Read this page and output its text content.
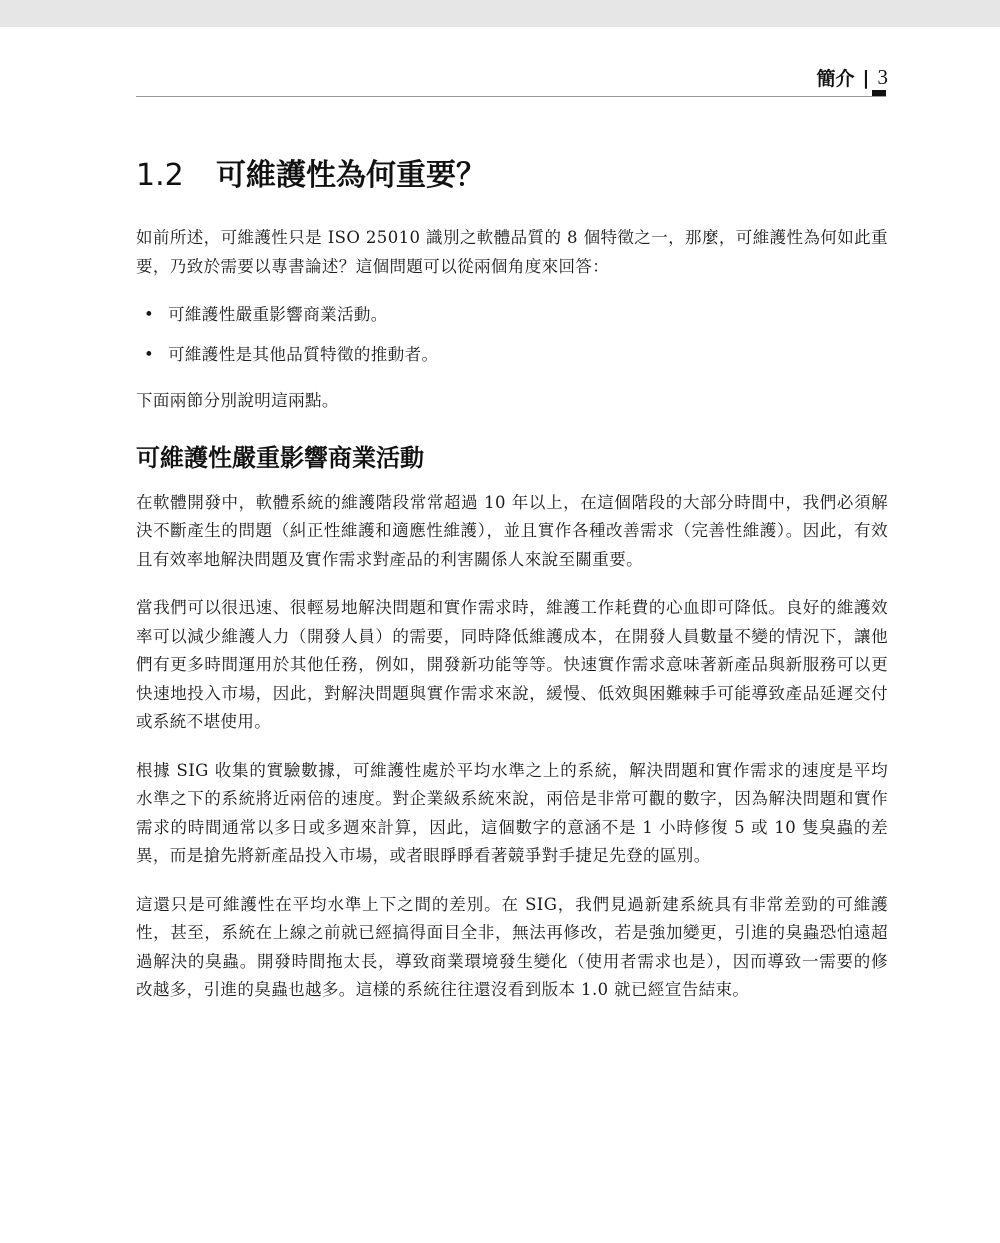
簡介 | 3
1.2	可維護性為何重要？

如前所述，可維護性只是 ISO 25010 識別之軟體品質的 8 個特徵之一，那麼，可維護性為何如此重要，乃致於需要以專書論述？這個問題可以從兩個角度來回答：

• 可維護性嚴重影響商業活動。
• 可維護性是其他品質特徵的推動者。

下面兩節分別說明這兩點。

可維護性嚴重影響商業活動

在軟體開發中，軟體系統的維護階段常常超過 10 年以上，在這個階段的大部分時間中，我們必須解決不斷產生的問題（糾正性維護和適應性維護），並且實作各種改善需求（完善性維護）。因此，有效且有效率地解決問題及實作需求對產品的利害關係人來說至關重要。

當我們可以很迅速、很輕易地解決問題和實作需求時，維護工作耗費的心血即可降低。良好的維護效率可以減少維護人力（開發人員）的需要，同時降低維護成本，在開發人員數量不變的情況下，讓他們有更多時間運用於其他任務，例如，開發新功能等等。快速實作需求意味著新產品與新服務可以更快速地投入市場，因此，對解決問題與實作需求來說，緩慢、低效與困難棘手可能導致產品延遲交付或系統不堪使用。

根據 SIG 收集的實驗數據，可維護性處於平均水準之上的系統，解決問題和實作需求的速度是平均水準之下的系統將近兩倍的速度。對企業級系統來說，兩倍是非常可觀的數字，因為解決問題和實作需求的時間通常以多日或多週來計算，因此，這個數字的意涵不是 1 小時修復 5 或 10 隻臭蟲的差異，而是搶先將新產品投入市場，或者眼睜睜看著競爭對手捷足先登的區別。

這還只是可維護性在平均水準上下之間的差別。在 SIG，我們見過新建系統具有非常差勁的可維護性，甚至，系統在上線之前就已經搞得面目全非，無法再修改，若是強加變更，引進的臭蟲恐怕遠超過解決的臭蟲。開發時間拖太長，導致商業環境發生變化（使用者需求也是），因而導致一需要的修改越多，引進的臭蟲也越多。這樣的系統往往還沒看到版本 1.0 就已經宣告結束。
